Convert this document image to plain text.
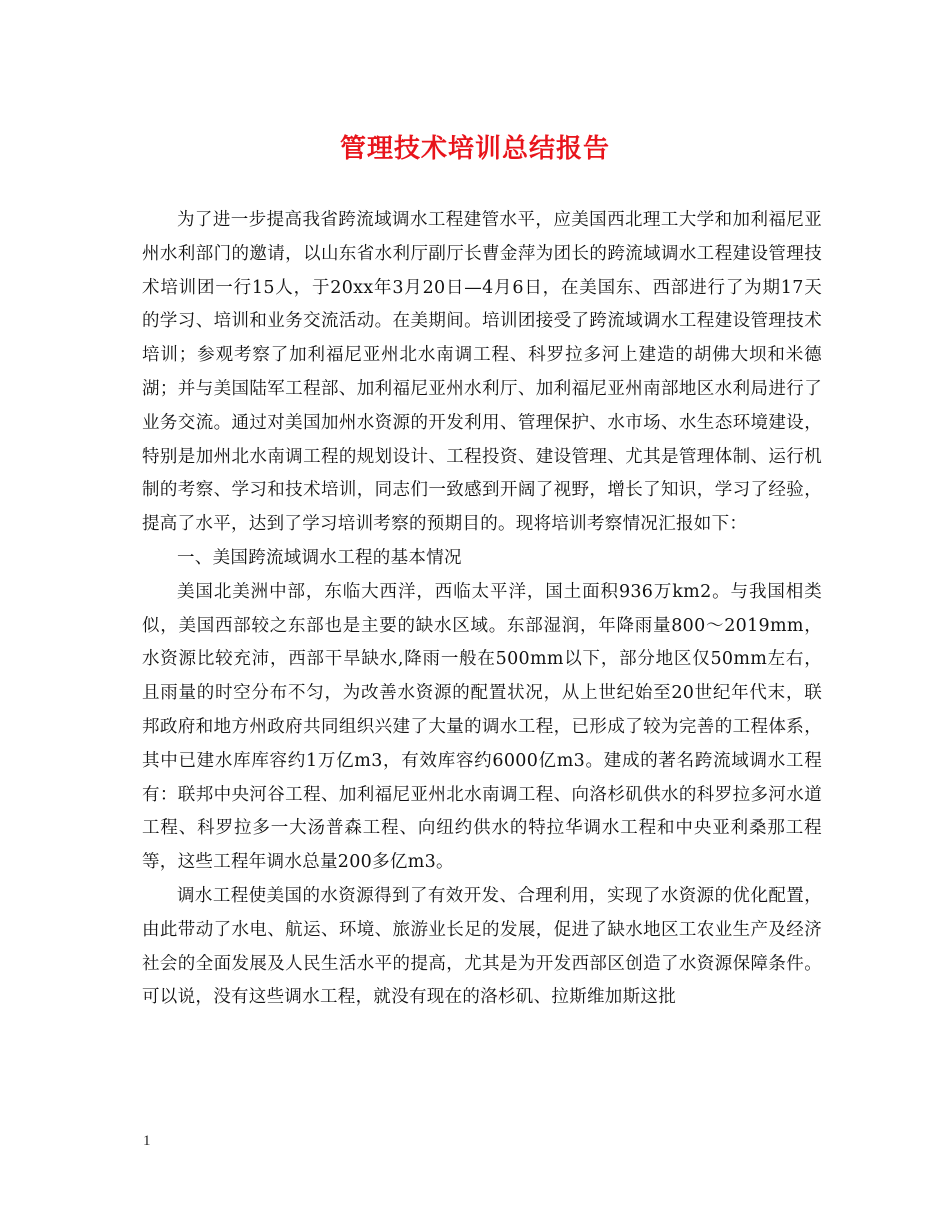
管理技术培训总结报告

为了进一步提高我省跨流域调水工程建管水平，应美国西北理工大学和加利福尼亚州水利部门的邀请，以山东省水利厅副厅长曹金萍为团长的跨流域调水工程建设管理技术培训团一行15人，于20xx年3月20日—4月6日，在美国东、西部进行了为期17天的学习、培训和业务交流活动。在美期间。培训团接受了跨流域调水工程建设管理技术培训；参观考察了加利福尼亚州北水南调工程、科罗拉多河上建造的胡佛大坝和米德湖；并与美国陆军工程部、加利福尼亚州水利厅、加利福尼亚州南部地区水利局进行了业务交流。通过对美国加州水资源的开发利用、管理保护、水市场、水生态环境建设，特别是加州北水南调工程的规划设计、工程投资、建设管理、尤其是管理体制、运行机制的考察、学习和技术培训，同志们一致感到开阔了视野，增长了知识，学习了经验，提高了水平，达到了学习培训考察的预期目的。现将培训考察情况汇报如下：

一、美国跨流域调水工程的基本情况

美国北美洲中部，东临大西洋，西临太平洋，国土面积936万km2。与我国相类似，美国西部较之东部也是主要的缺水区域。东部湿润，年降雨量800～2019mm，水资源比较充沛，西部干旱缺水,降雨一般在500mm以下，部分地区仅50mm左右，且雨量的时空分布不匀，为改善水资源的配置状况，从上世纪始至20世纪年代末，联邦政府和地方州政府共同组织兴建了大量的调水工程，已形成了较为完善的工程体系，其中已建水库库容约1万亿m3，有效库容约6000亿m3。建成的著名跨流域调水工程有：联邦中央河谷工程、加利福尼亚州北水南调工程、向洛杉矶供水的科罗拉多河水道工程、科罗拉多一大汤普森工程、向纽约供水的特拉华调水工程和中央亚利桑那工程等，这些工程年调水总量200多亿m3。

调水工程使美国的水资源得到了有效开发、合理利用，实现了水资源的优化配置，由此带动了水电、航运、环境、旅游业长足的发展，促进了缺水地区工农业生产及经济社会的全面发展及人民生活水平的提高，尤其是为开发西部区创造了水资源保障条件。可以说，没有这些调水工程，就没有现在的洛杉矶、拉斯维加斯这批

1
